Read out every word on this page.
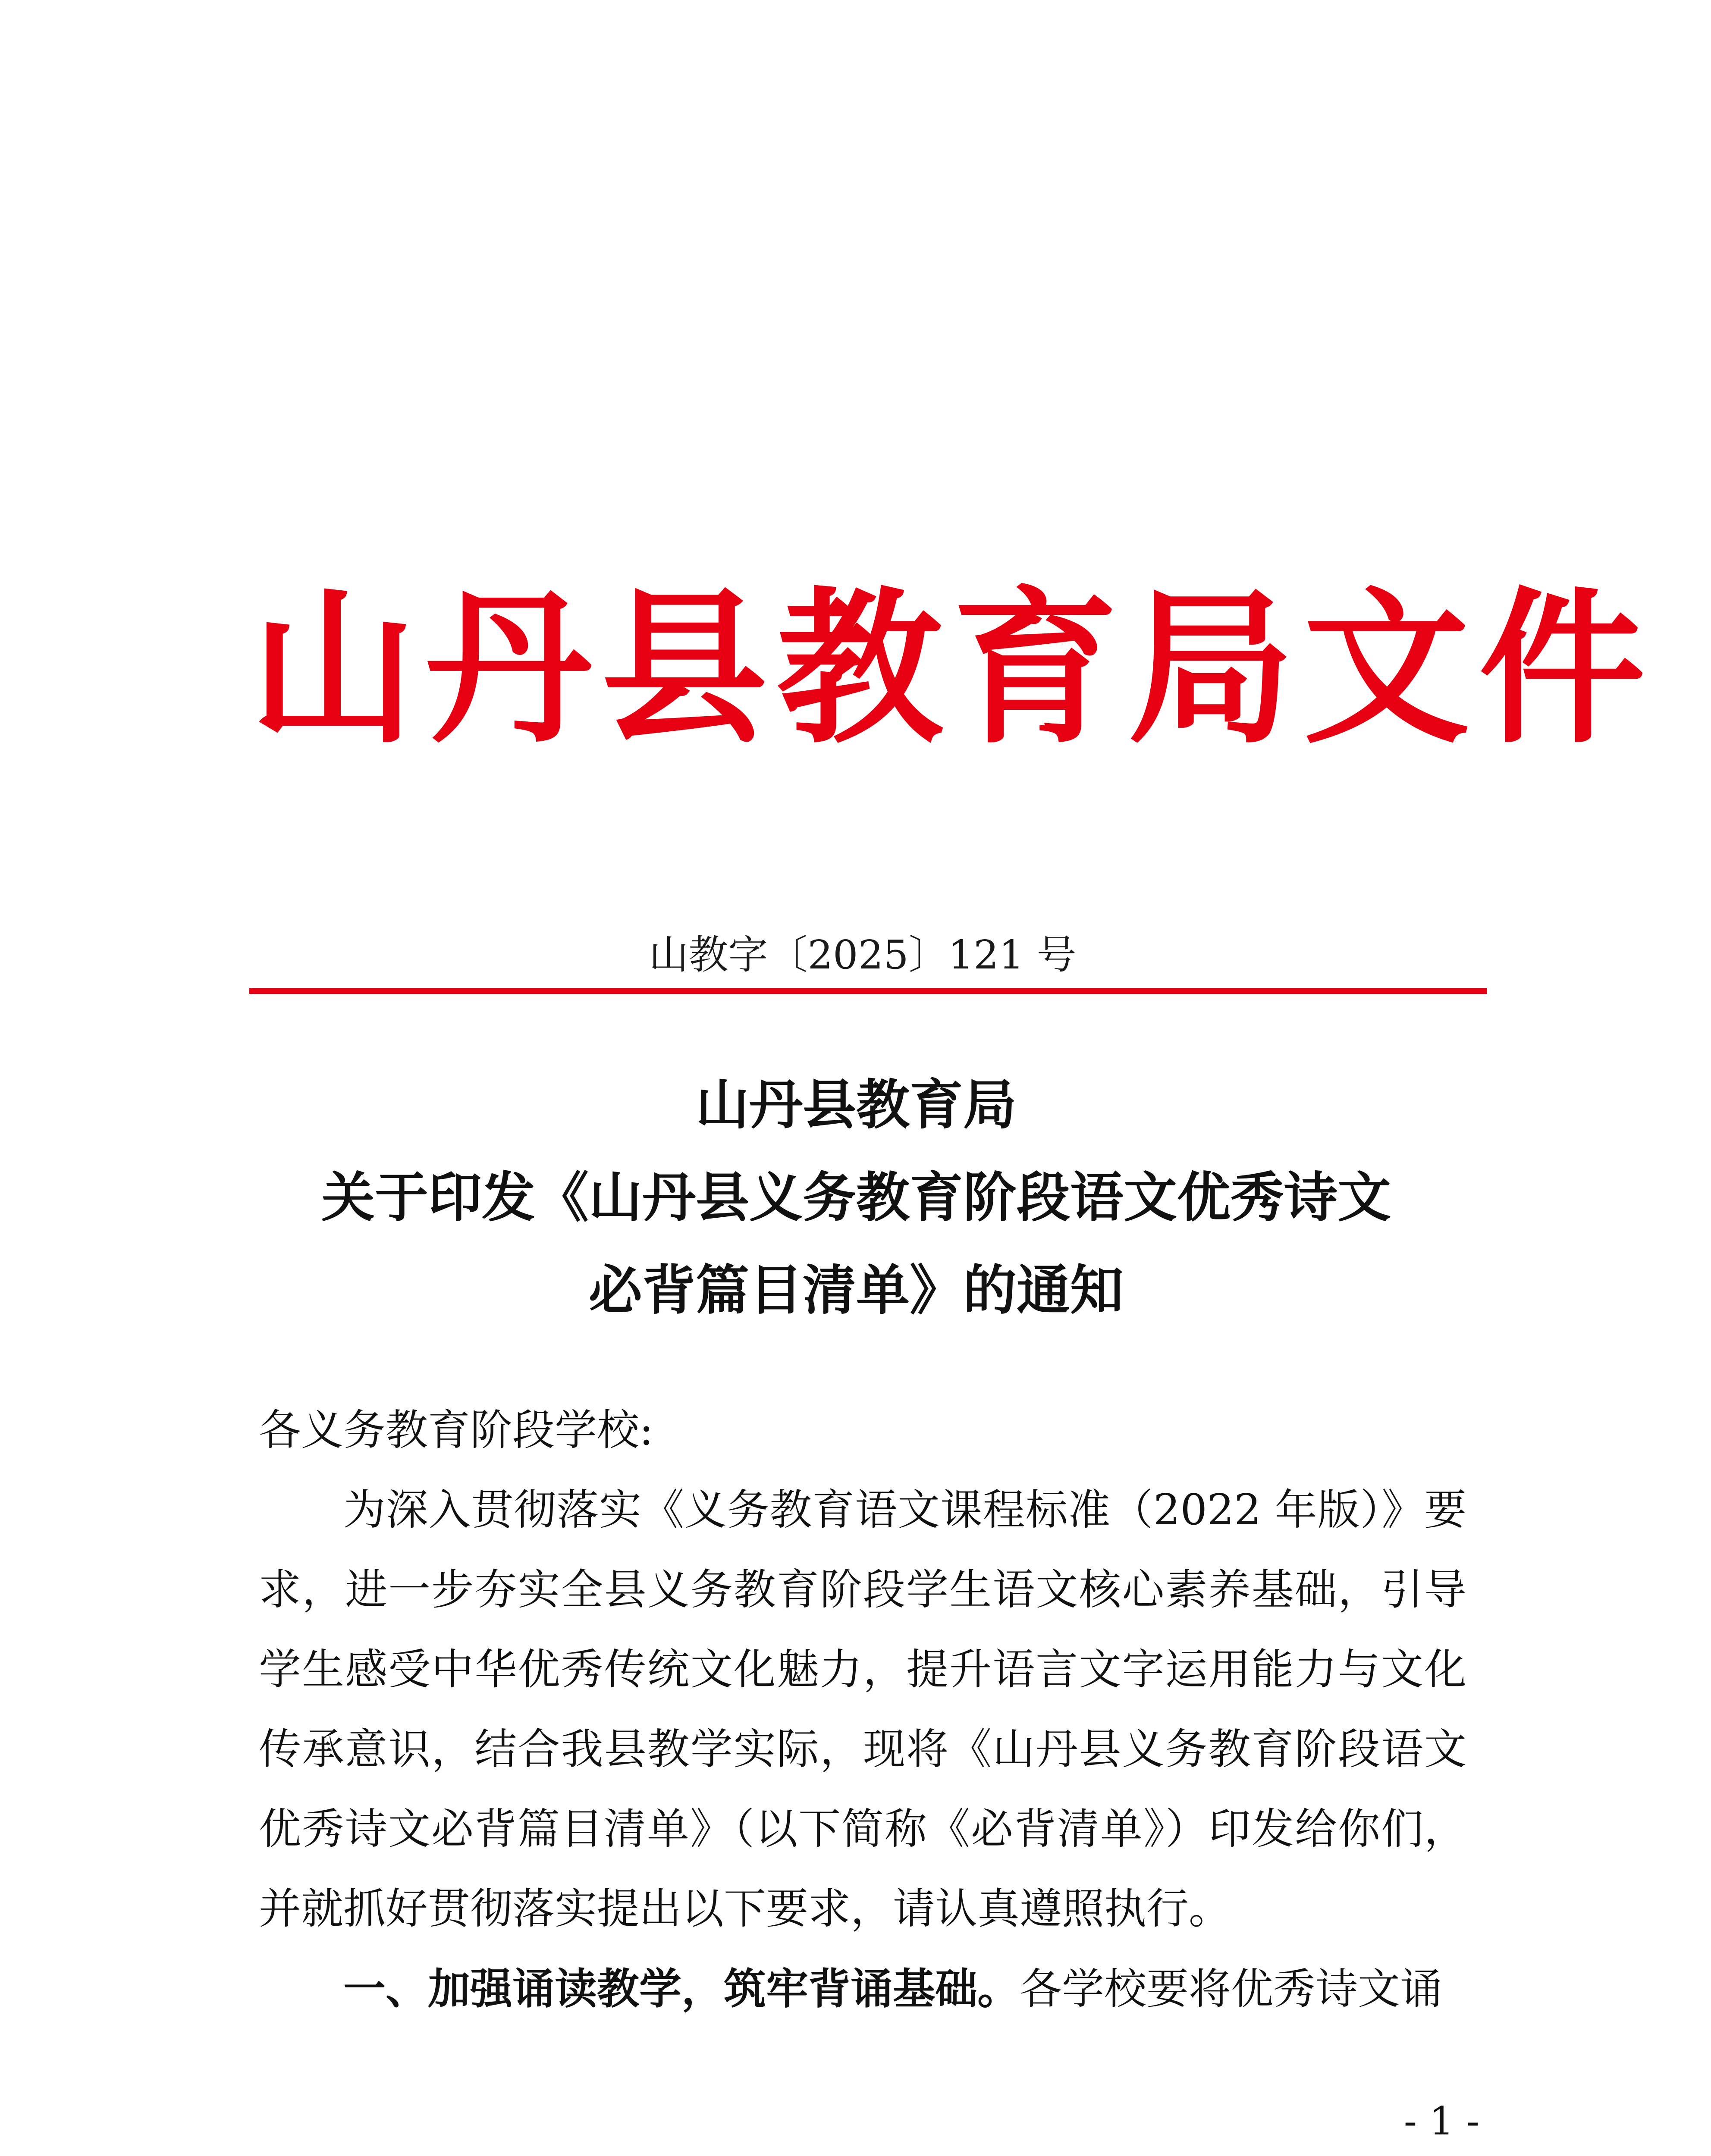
山丹县教育局文件
山教字〔2025〕121 号
山丹县教育局
关于印发《山丹县义务教育阶段语文优秀诗文
必背篇目清单》的通知
各义务教育阶段学校:
为深入贯彻落实《义务教育语文课程标准（2022 年版）》要求，进一步夯实全县义务教育阶段学生语文核心素养基础，引导学生感受中华优秀传统文化魅力，提升语言文字运用能力与文化传承意识，结合我县教学实际，现将《山丹县义务教育阶段语文优秀诗文必背篇目清单》（以下简称《必背清单》）印发给你们，并就抓好贯彻落实提出以下要求，请认真遵照执行。
一、加强诵读教学，筑牢背诵基础。各学校要将优秀诗文诵
- 1 -
